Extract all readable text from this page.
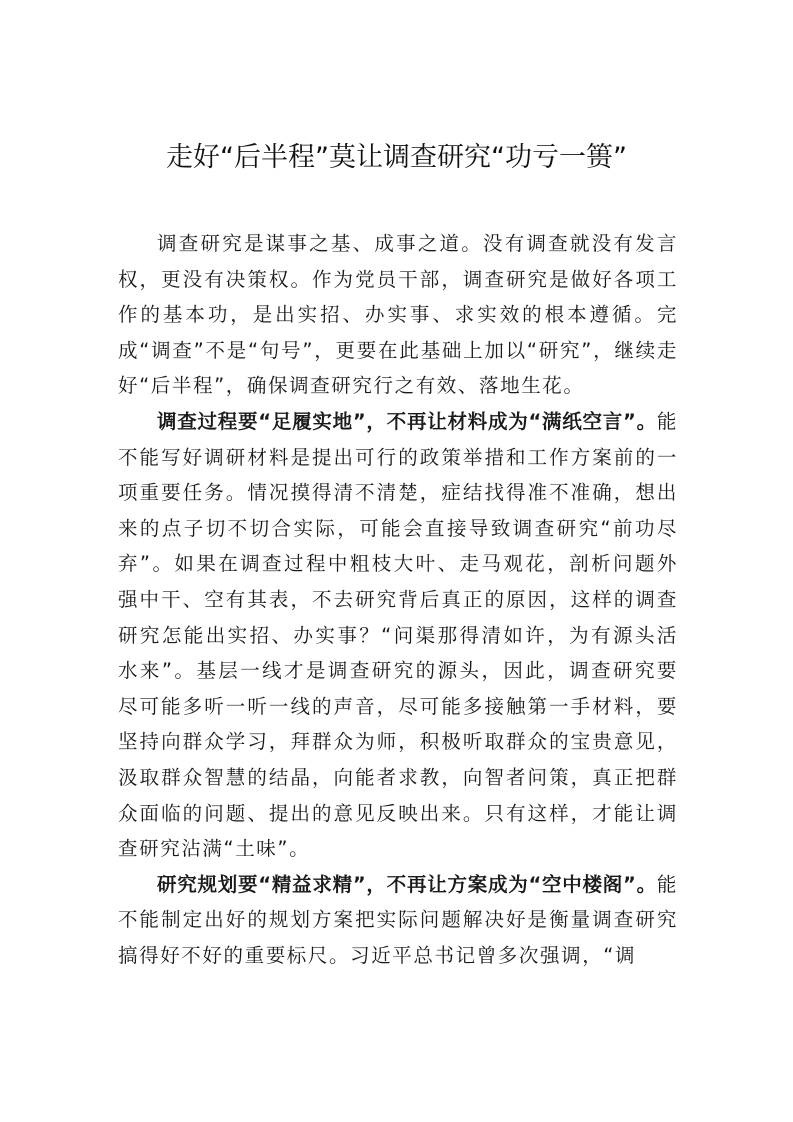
走好“后半程”莫让调查研究“功亏一篑”

调查研究是谋事之基、成事之道。没有调查就没有发言权，更没有决策权。作为党员干部，调查研究是做好各项工作的基本功，是出实招、办实事、求实效的根本遵循。完成“调查”不是“句号”，更要在此基础上加以“研究”，继续走好“后半程”，确保调查研究行之有效、落地生花。

调查过程要“足履实地”，不再让材料成为“满纸空言”。能不能写好调研材料是提出可行的政策举措和工作方案前的一项重要任务。情况摸得清不清楚，症结找得准不准确，想出来的点子切不切合实际，可能会直接导致调查研究“前功尽弃”。如果在调查过程中粗枝大叶、走马观花，剖析问题外强中干、空有其表，不去研究背后真正的原因，这样的调查研究怎能出实招、办实事？“问渠那得清如许，为有源头活水来”。基层一线才是调查研究的源头，因此，调查研究要尽可能多听一听一线的声音，尽可能多接触第一手材料，要坚持向群众学习，拜群众为师，积极听取群众的宝贵意见，汲取群众智慧的结晶，向能者求教，向智者问策，真正把群众面临的问题、提出的意见反映出来。只有这样，才能让调查研究沾满“土味”。

研究规划要“精益求精”，不再让方案成为“空中楼阁”。能不能制定出好的规划方案把实际问题解决好是衡量调查研究搞得好不好的重要标尺。习近平总书记曾多次强调，“调
